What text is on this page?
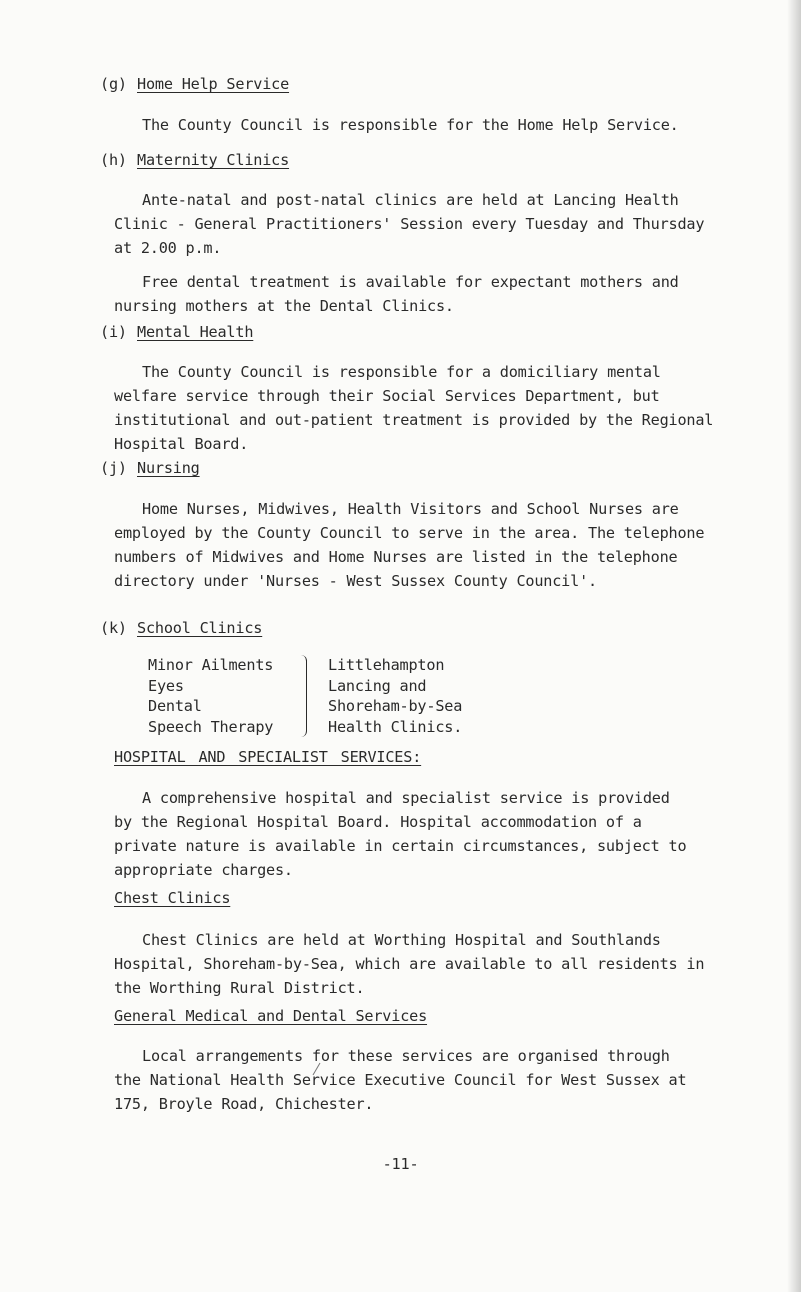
(g) Home Help Service

The County Council is responsible for the Home Help Service.

(h) Maternity Clinics

Ante-natal and post-natal clinics are held at Lancing Health
Clinic - General Practitioners' Session every Tuesday and Thursday
at 2.00 p.m.

Free dental treatment is available for expectant mothers and
nursing mothers at the Dental Clinics.

(i) Mental Health

The County Council is responsible for a domiciliary mental
welfare service through their Social Services Department, but
institutional and out-patient treatment is provided by the Regional
Hospital Board.

(j) Nursing

Home Nurses, Midwives, Health Visitors and School Nurses are
employed by the County Council to serve in the area. The telephone
numbers of Midwives and Home Nurses are listed in the telephone
directory under 'Nurses - West Sussex County Council'.

(k) School Clinics
Minor Ailments
Eyes
Dental
Speech Therapy
Littlehampton
Lancing and
Shoreham-by-Sea
Health Clinics.
HOSPITAL AND SPECIALIST SERVICES:

A comprehensive hospital and specialist service is provided
by the Regional Hospital Board. Hospital accommodation of a
private nature is available in certain circumstances, subject to
appropriate charges.

Chest Clinics

Chest Clinics are held at Worthing Hospital and Southlands
Hospital, Shoreham-by-Sea, which are available to all residents in
the Worthing Rural District.

General Medical and Dental Services

Local arrangements for these services are organised through
the National Health Service Executive Council for West Sussex at
175, Broyle Road, Chichester.

-11-
